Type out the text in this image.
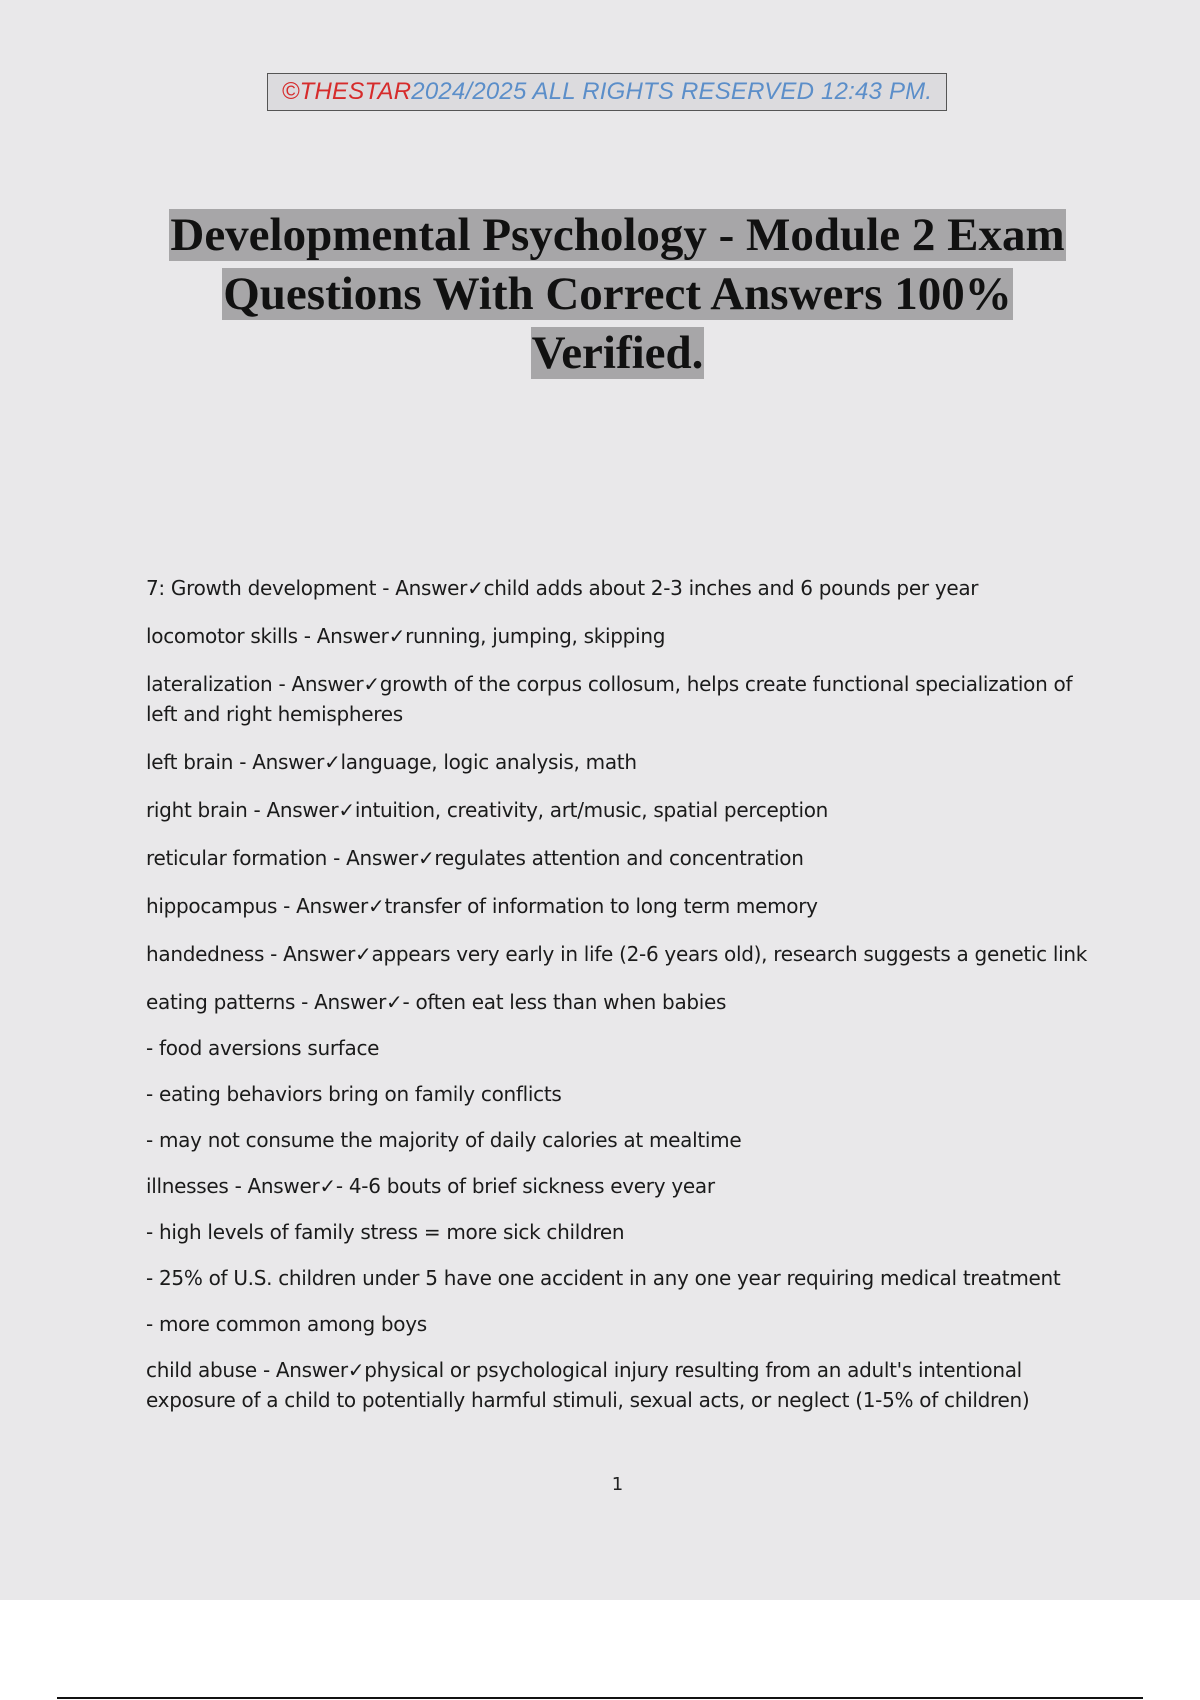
©THESTAR 2024/2025 ALL RIGHTS RESERVED 12:43 PM.
Developmental Psychology - Module 2 Exam
Questions With Correct Answers 100%
Verified.
7: Growth development - Answer✓child adds about 2-3 inches and 6 pounds per year
locomotor skills - Answer✓running, jumping, skipping
lateralization - Answer✓growth of the corpus collosum, helps create functional specialization of left and right hemispheres
left brain - Answer✓language, logic analysis, math
right brain - Answer✓intuition, creativity, art/music, spatial perception
reticular formation - Answer✓regulates attention and concentration
hippocampus - Answer✓transfer of information to long term memory
handedness - Answer✓appears very early in life (2-6 years old), research suggests a genetic link
eating patterns - Answer✓- often eat less than when babies
- food aversions surface
- eating behaviors bring on family conflicts
- may not consume the majority of daily calories at mealtime
illnesses - Answer✓- 4-6 bouts of brief sickness every year
- high levels of family stress = more sick children
- 25% of U.S. children under 5 have one accident in any one year requiring medical treatment
- more common among boys
child abuse - Answer✓physical or psychological injury resulting from an adult's intentional exposure of a child to potentially harmful stimuli, sexual acts, or neglect (1-5% of children)
1
